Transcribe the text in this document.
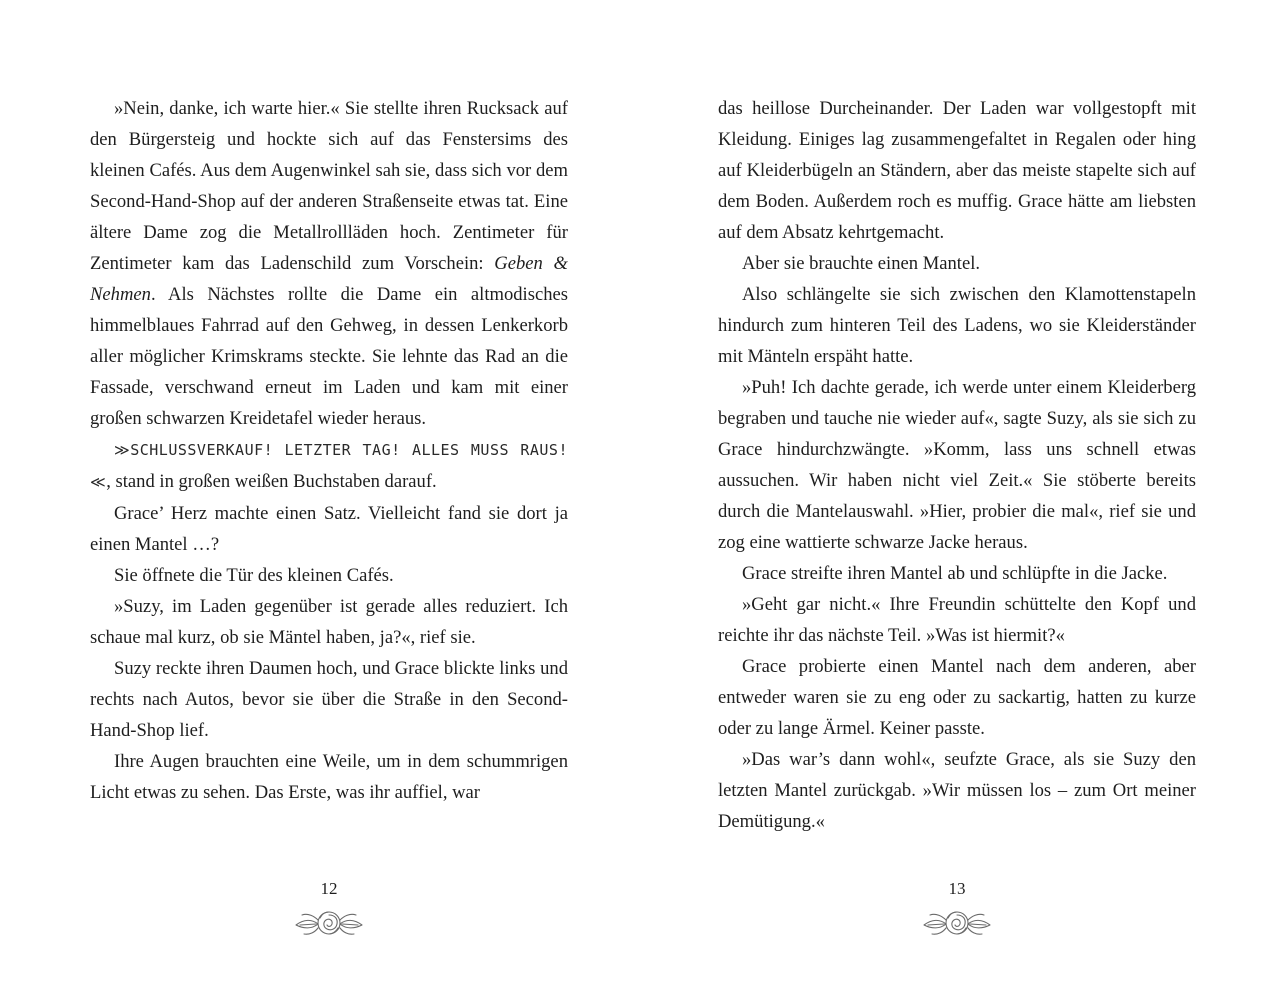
»Nein, danke, ich warte hier.« Sie stellte ihren Rucksack auf den Bürgersteig und hockte sich auf das Fenstersims des kleinen Cafés. Aus dem Augenwinkel sah sie, dass sich vor dem Second-Hand-Shop auf der anderen Straßenseite etwas tat. Eine ältere Dame zog die Metallrollläden hoch. Zentimeter für Zentimeter kam das Ladenschild zum Vorschein: Geben & Nehmen. Als Nächstes rollte die Dame ein altmodisches himmelblaues Fahrrad auf den Gehweg, in dessen Lenkerkorb aller möglicher Krimskrams steckte. Sie lehnte das Rad an die Fassade, verschwand erneut im Laden und kam mit einer großen schwarzen Kreidetafel wieder heraus.

≫SCHLUSSVERKAUF! LETZTER TAG! ALLES MUSS RAUS!≪, stand in großen weißen Buchstaben darauf.

Grace’ Herz machte einen Satz. Vielleicht fand sie dort ja einen Mantel …?

Sie öffnete die Tür des kleinen Cafés.

»Suzy, im Laden gegenüber ist gerade alles reduziert. Ich schaue mal kurz, ob sie Mäntel haben, ja?«, rief sie.

Suzy reckte ihren Daumen hoch, und Grace blickte links und rechts nach Autos, bevor sie über die Straße in den Second-Hand-Shop lief.

Ihre Augen brauchten eine Weile, um in dem schummrigen Licht etwas zu sehen. Das Erste, was ihr auffiel, war

12

das heillose Durcheinander. Der Laden war vollgestopft mit Kleidung. Einiges lag zusammengefaltet in Regalen oder hing auf Kleiderbügeln an Ständern, aber das meiste stapelte sich auf dem Boden. Außerdem roch es muffig. Grace hätte am liebsten auf dem Absatz kehrtgemacht.

Aber sie brauchte einen Mantel.

Also schlängelte sie sich zwischen den Klamottenstapeln hindurch zum hinteren Teil des Ladens, wo sie Kleiderständer mit Mänteln erspäht hatte.

»Puh! Ich dachte gerade, ich werde unter einem Kleiderberg begraben und tauche nie wieder auf«, sagte Suzy, als sie sich zu Grace hindurchzwängte. »Komm, lass uns schnell etwas aussuchen. Wir haben nicht viel Zeit.« Sie stöberte bereits durch die Mantelauswahl. »Hier, probier die mal«, rief sie und zog eine wattierte schwarze Jacke heraus.

Grace streifte ihren Mantel ab und schlüpfte in die Jacke.

»Geht gar nicht.« Ihre Freundin schüttelte den Kopf und reichte ihr das nächste Teil. »Was ist hiermit?«

Grace probierte einen Mantel nach dem anderen, aber entweder waren sie zu eng oder zu sackartig, hatten zu kurze oder zu lange Ärmel. Keiner passte.

»Das war’s dann wohl«, seufzte Grace, als sie Suzy den letzten Mantel zurückgab. »Wir müssen los – zum Ort meiner Demütigung.«

13
